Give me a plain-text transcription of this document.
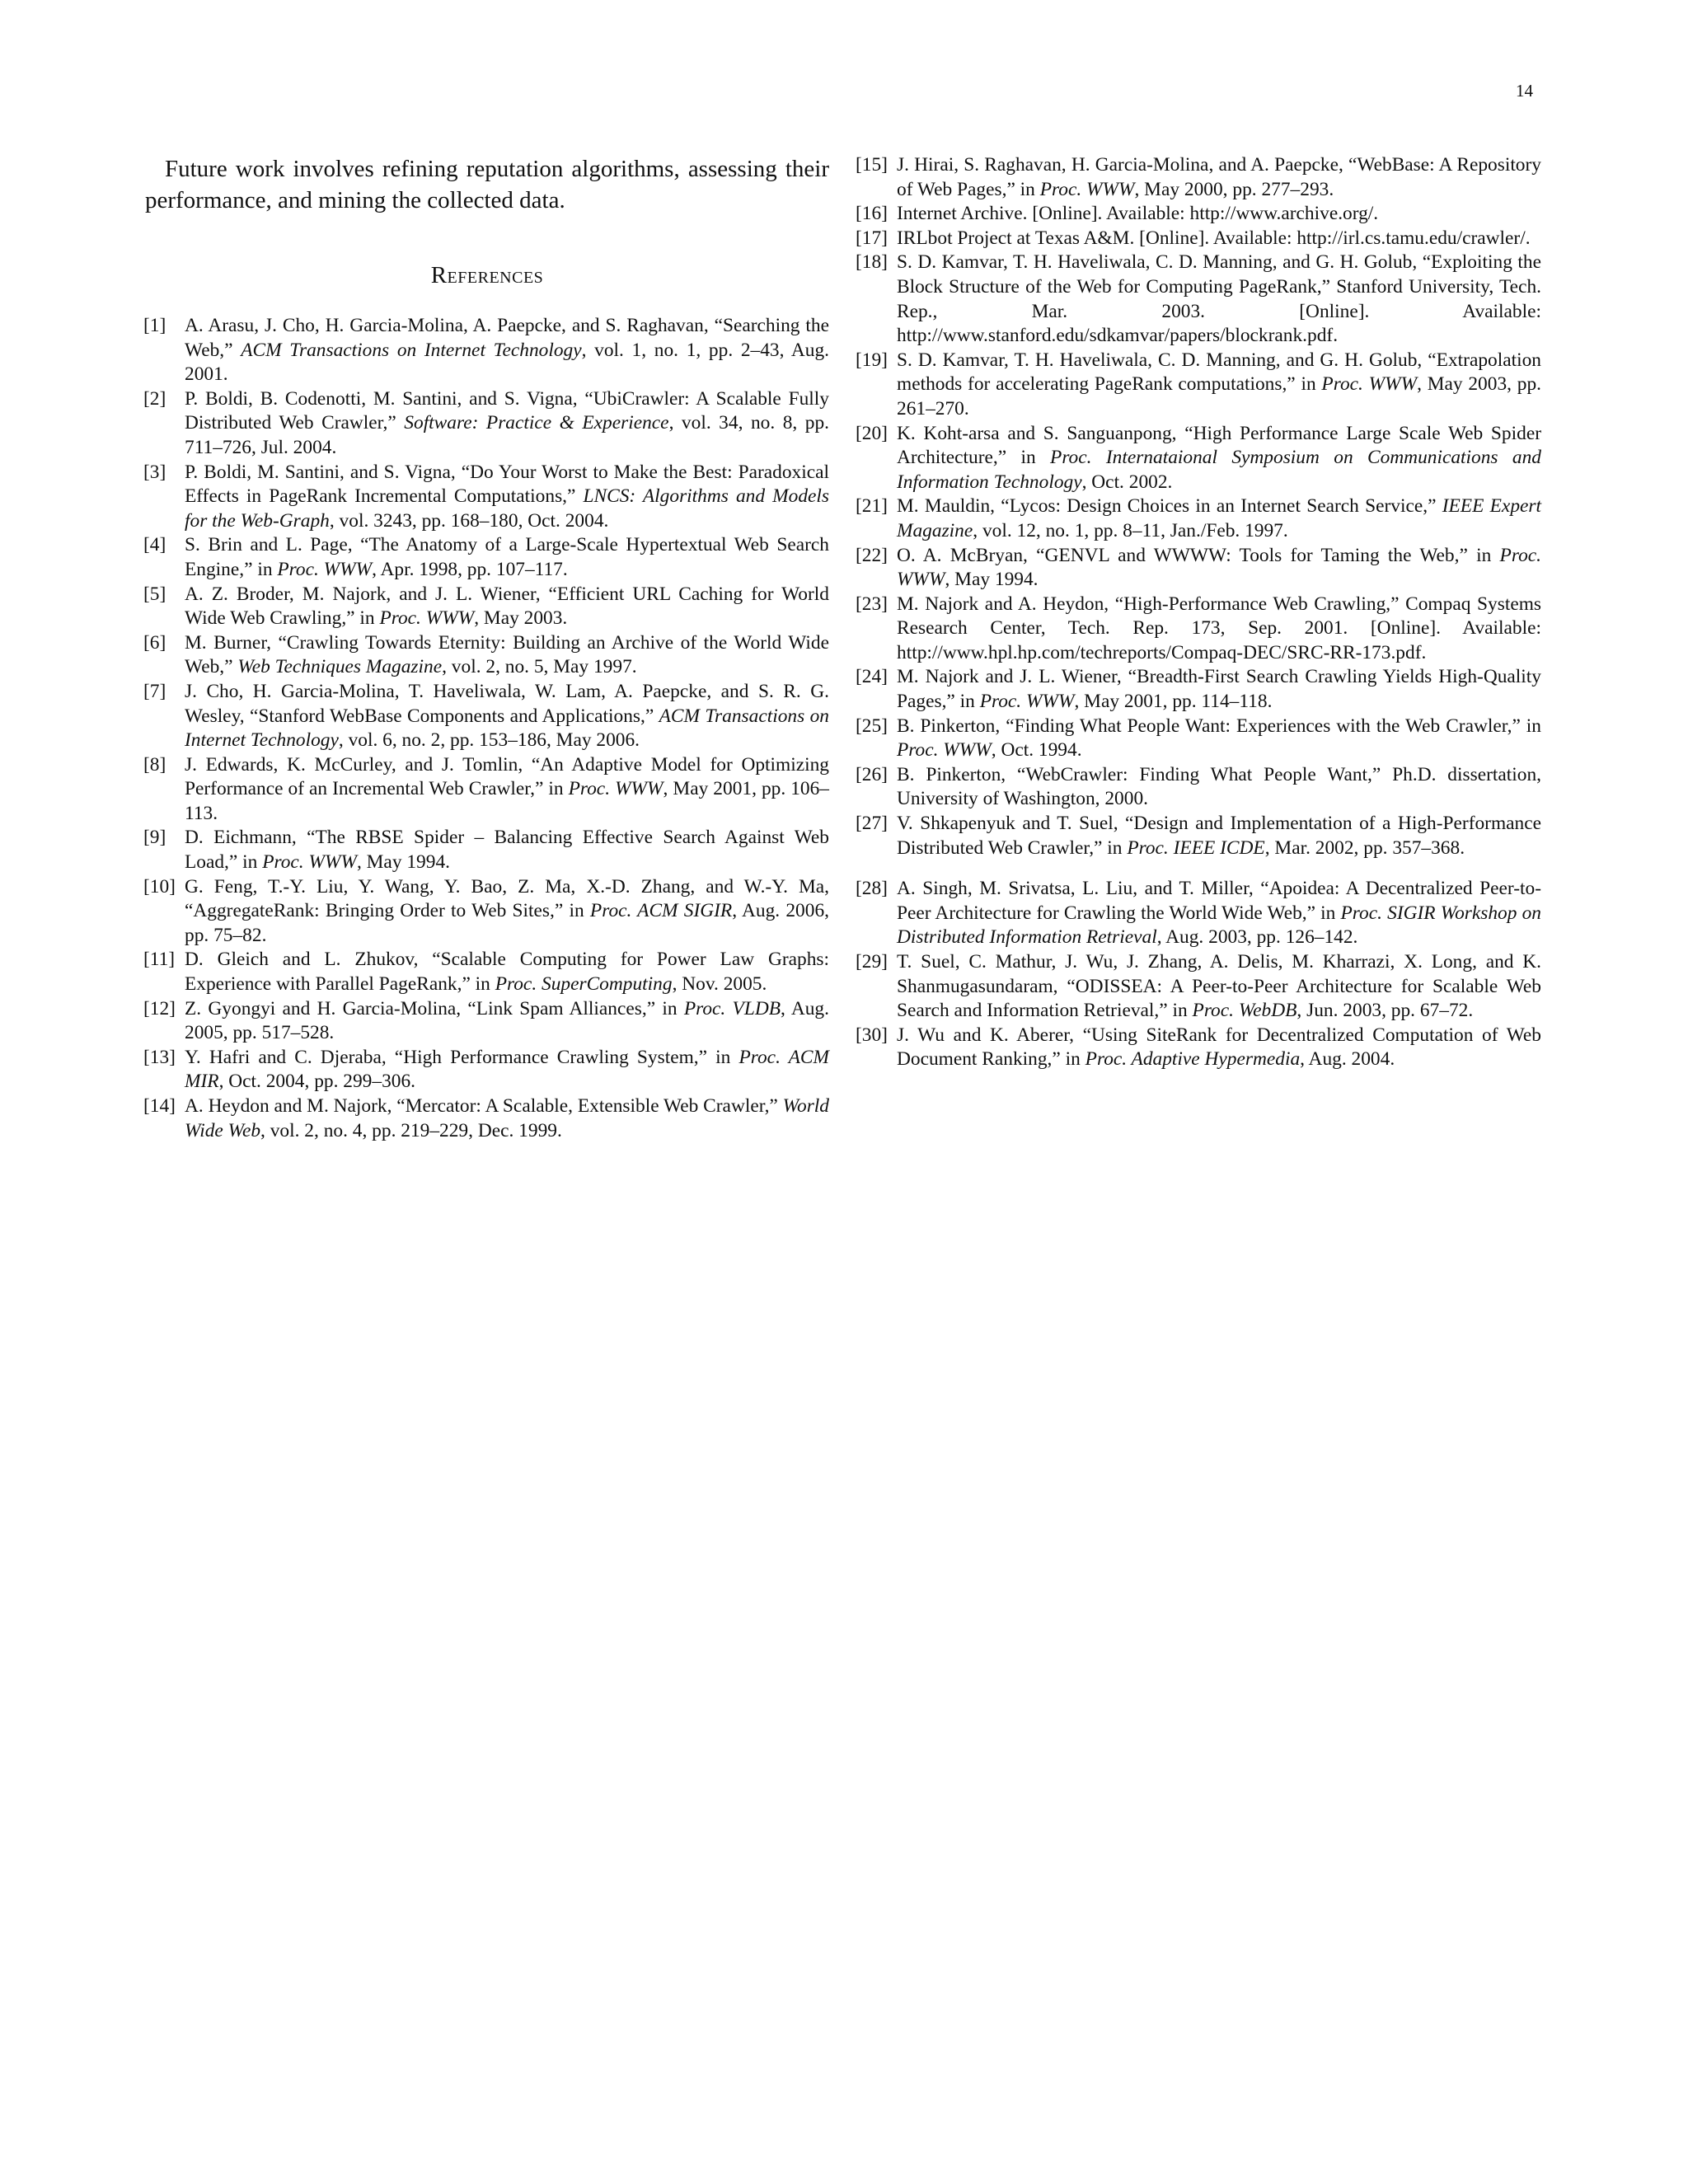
14

Future work involves refining reputation algorithms, assessing their performance, and mining the collected data.

References
[1] A. Arasu, J. Cho, H. Garcia-Molina, A. Paepcke, and S. Raghavan, “Searching the Web,” ACM Transactions on Internet Technology, vol. 1, no. 1, pp. 2–43, Aug. 2001.
[2] P. Boldi, B. Codenotti, M. Santini, and S. Vigna, “UbiCrawler: A Scalable Fully Distributed Web Crawler,” Software: Practice & Experience, vol. 34, no. 8, pp. 711–726, Jul. 2004.
[3] P. Boldi, M. Santini, and S. Vigna, “Do Your Worst to Make the Best: Paradoxical Effects in PageRank Incremental Computations,” LNCS: Algorithms and Models for the Web-Graph, vol. 3243, pp. 168–180, Oct. 2004.
[4] S. Brin and L. Page, “The Anatomy of a Large-Scale Hypertextual Web Search Engine,” in Proc. WWW, Apr. 1998, pp. 107–117.
[5] A. Z. Broder, M. Najork, and J. L. Wiener, “Efficient URL Caching for World Wide Web Crawling,” in Proc. WWW, May 2003.
[6] M. Burner, “Crawling Towards Eternity: Building an Archive of the World Wide Web,” Web Techniques Magazine, vol. 2, no. 5, May 1997.
[7] J. Cho, H. Garcia-Molina, T. Haveliwala, W. Lam, A. Paepcke, and S. R. G. Wesley, “Stanford WebBase Components and Applications,” ACM Transactions on Internet Technology, vol. 6, no. 2, pp. 153–186, May 2006.
[8] J. Edwards, K. McCurley, and J. Tomlin, “An Adaptive Model for Optimizing Performance of an Incremental Web Crawler,” in Proc. WWW, May 2001, pp. 106–113.
[9] D. Eichmann, “The RBSE Spider – Balancing Effective Search Against Web Load,” in Proc. WWW, May 1994.
[10] G. Feng, T.-Y. Liu, Y. Wang, Y. Bao, Z. Ma, X.-D. Zhang, and W.-Y. Ma, “AggregateRank: Bringing Order to Web Sites,” in Proc. ACM SIGIR, Aug. 2006, pp. 75–82.
[11] D. Gleich and L. Zhukov, “Scalable Computing for Power Law Graphs: Experience with Parallel PageRank,” in Proc. SuperComputing, Nov. 2005.
[12] Z. Gyongyi and H. Garcia-Molina, “Link Spam Alliances,” in Proc. VLDB, Aug. 2005, pp. 517–528.
[13] Y. Hafri and C. Djeraba, “High Performance Crawling System,” in Proc. ACM MIR, Oct. 2004, pp. 299–306.
[14] A. Heydon and M. Najork, “Mercator: A Scalable, Extensible Web Crawler,” World Wide Web, vol. 2, no. 4, pp. 219–229, Dec. 1999.
[15] J. Hirai, S. Raghavan, H. Garcia-Molina, and A. Paepcke, “WebBase: A Repository of Web Pages,” in Proc. WWW, May 2000, pp. 277–293.
[16] Internet Archive. [Online]. Available: http://www.archive.org/.
[17] IRLbot Project at Texas A&M. [Online]. Available: http://irl.cs.tamu.edu/crawler/.
[18] S. D. Kamvar, T. H. Haveliwala, C. D. Manning, and G. H. Golub, “Exploiting the Block Structure of the Web for Computing PageRank,” Stanford University, Tech. Rep., Mar. 2003. [Online]. Available: http://www.stanford.edu/sdkamvar/papers/blockrank.pdf.
[19] S. D. Kamvar, T. H. Haveliwala, C. D. Manning, and G. H. Golub, “Extrapolation methods for accelerating PageRank computations,” in Proc. WWW, May 2003, pp. 261–270.
[20] K. Koht-arsa and S. Sanguanpong, “High Performance Large Scale Web Spider Architecture,” in Proc. Internataional Symposium on Communications and Information Technology, Oct. 2002.
[21] M. Mauldin, “Lycos: Design Choices in an Internet Search Service,” IEEE Expert Magazine, vol. 12, no. 1, pp. 8–11, Jan./Feb. 1997.
[22] O. A. McBryan, “GENVL and WWWW: Tools for Taming the Web,” in Proc. WWW, May 1994.
[23] M. Najork and A. Heydon, “High-Performance Web Crawling,” Compaq Systems Research Center, Tech. Rep. 173, Sep. 2001. [Online]. Available: http://www.hpl.hp.com/techreports/Compaq-DEC/SRC-RR-173.pdf.
[24] M. Najork and J. L. Wiener, “Breadth-First Search Crawling Yields High-Quality Pages,” in Proc. WWW, May 2001, pp. 114–118.
[25] B. Pinkerton, “Finding What People Want: Experiences with the Web Crawler,” in Proc. WWW, Oct. 1994.
[26] B. Pinkerton, “WebCrawler: Finding What People Want,” Ph.D. dissertation, University of Washington, 2000.
[27] V. Shkapenyuk and T. Suel, “Design and Implementation of a High-Performance Distributed Web Crawler,” in Proc. IEEE ICDE, Mar. 2002, pp. 357–368.
[28] A. Singh, M. Srivatsa, L. Liu, and T. Miller, “Apoidea: A Decentralized Peer-to-Peer Architecture for Crawling the World Wide Web,” in Proc. SIGIR Workshop on Distributed Information Retrieval, Aug. 2003, pp. 126–142.
[29] T. Suel, C. Mathur, J. Wu, J. Zhang, A. Delis, M. Kharrazi, X. Long, and K. Shanmugasundaram, “ODISSEA: A Peer-to-Peer Architecture for Scalable Web Search and Information Retrieval,” in Proc. WebDB, Jun. 2003, pp. 67–72.
[30] J. Wu and K. Aberer, “Using SiteRank for Decentralized Computation of Web Document Ranking,” in Proc. Adaptive Hypermedia, Aug. 2004.
